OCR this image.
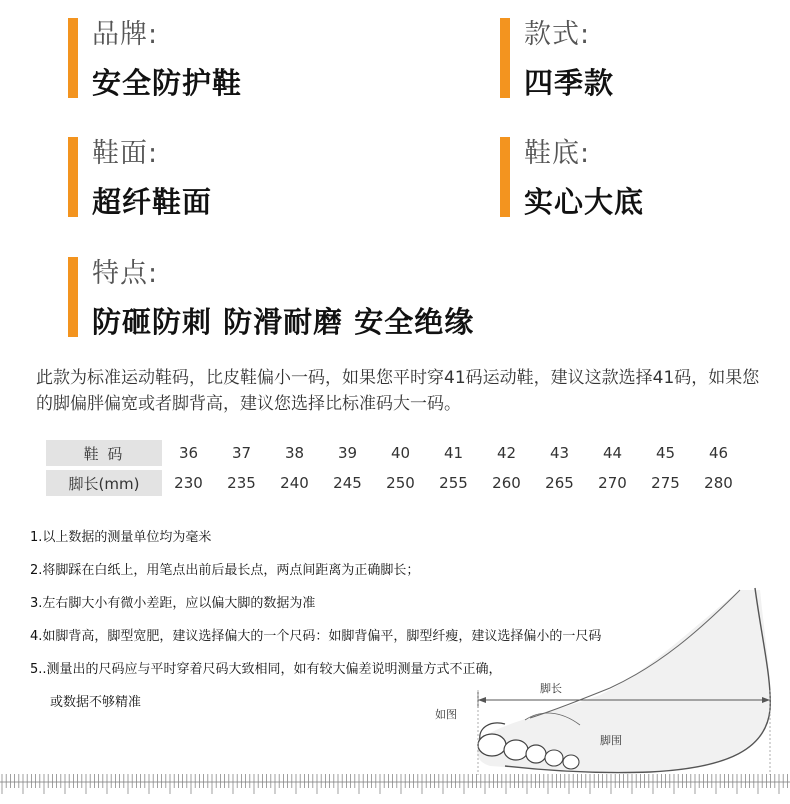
品牌:
安全防护鞋
款式:
四季款
鞋面:
超纤鞋面
鞋底:
实心大底
特点:
防砸防刺 防滑耐磨 安全绝缘
此款为标准运动鞋码，比皮鞋偏小一码，如果您平时穿41码运动鞋，建议这款选择41码，如果您的脚偏胖偏宽或者脚背高，建议您选择比标准码大一码。
鞋 码	36	37	38	39	40	41	42	43	44	45	46
脚长(mm)	230	235	240	245	250	255	260	265	270	275	280
脚长
如图
脚围
1.以上数据的测量单位均为毫米
2.将脚踩在白纸上，用笔点出前后最长点，两点间距离为正确脚长；
3.左右脚大小有微小差距，应以偏大脚的数据为准
4.如脚背高，脚型宽肥，建议选择偏大的一个尺码：如脚背偏平，脚型纤瘦，建议选择偏小的一尺码
5..测量出的尺码应与平时穿着尺码大致相同，如有较大偏差说明测量方式不正确，
或数据不够精准
